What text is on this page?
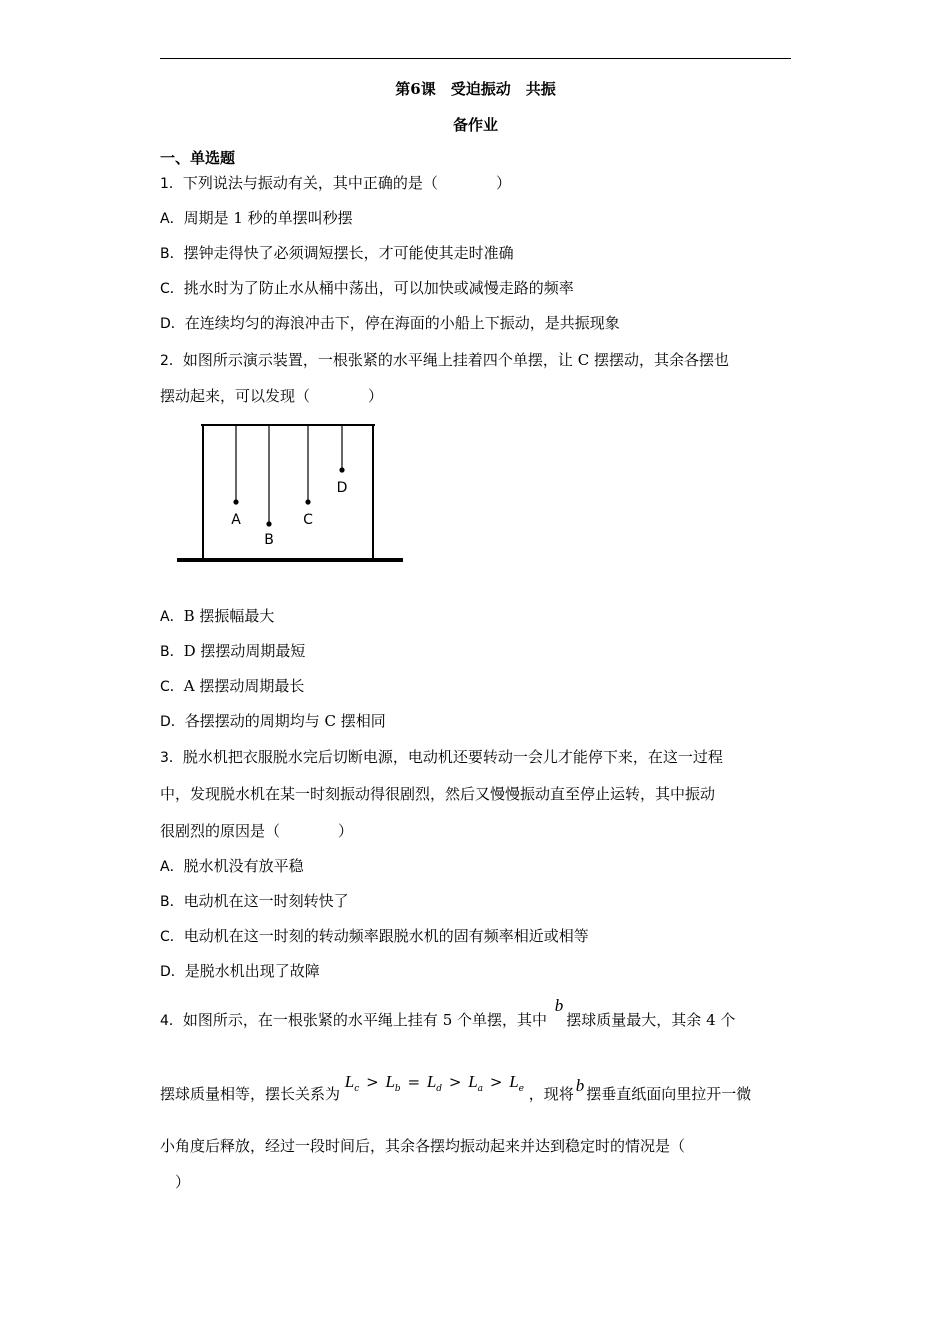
第6课　受迫振动　共振
备作业
一、单选题
1．下列说法与振动有关，其中正确的是（	）
A．周期是 1 秒的单摆叫秒摆
B．摆钟走得快了必须调短摆长，才可能使其走时准确
C．挑水时为了防止水从桶中荡出，可以加快或减慢走路的频率
D．在连续均匀的海浪冲击下，停在海面的小船上下振动，是共振现象
2．如图所示演示装置，一根张紧的水平绳上挂着四个单摆，让 C 摆摆动，其余各摆也
摆动起来，可以发现（	）
A
B
C
D
A．B 摆振幅最大
B．D 摆摆动周期最短
C．A 摆摆动周期最长
D．各摆摆动的周期均与 C 摆相同
3．脱水机把衣服脱水完后切断电源，电动机还要转动一会儿才能停下来，在这一过程
中，发现脱水机在某一时刻振动得很剧烈，然后又慢慢振动直至停止运转，其中振动
很剧烈的原因是（	）
A．脱水机没有放平稳
B．电动机在这一时刻转快了
C．电动机在这一时刻的转动频率跟脱水机的固有频率相近或相等
D．是脱水机出现了故障
4．如图所示，在一根张紧的水平绳上挂有 5 个单摆，其中 b摆球质量最大，其余 4 个
摆球质量相等，摆长关系为 $L_c > L_b = L_d > L_a > L_e$ ，现将 b 摆垂直纸面向里拉开一微
小角度后释放，经过一段时间后，其余各摆均振动起来并达到稳定时的情况是（
）
